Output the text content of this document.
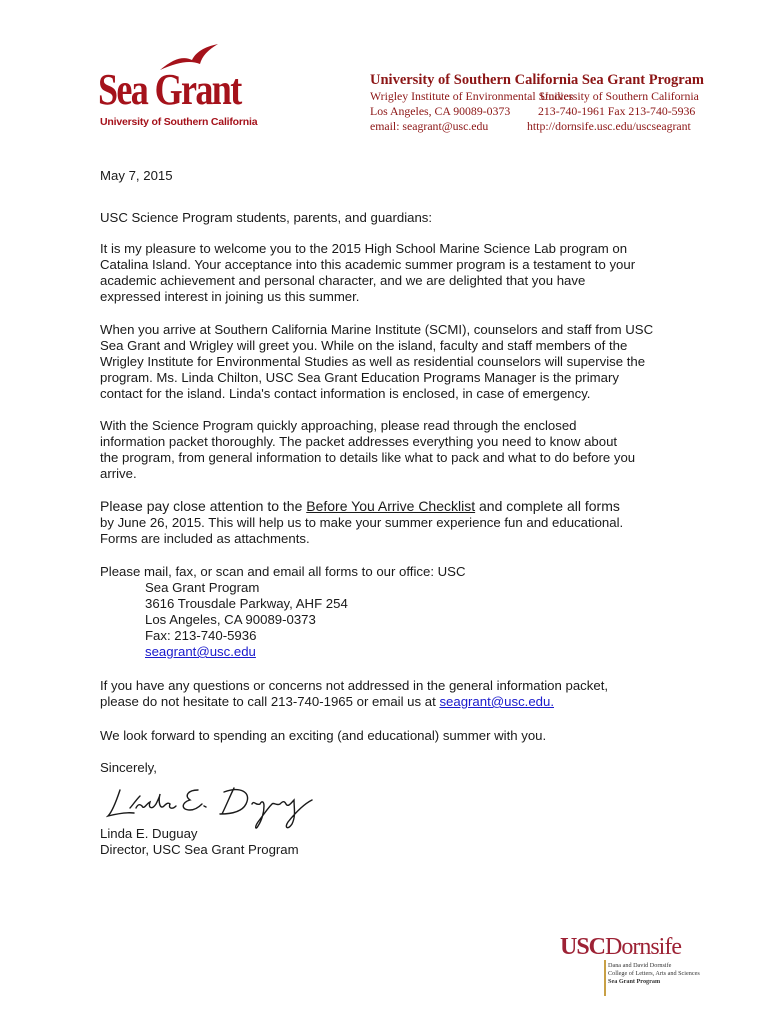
Sea Grant
University of Southern California
University of Southern California Sea Grant Program
Wrigley Institute of Environmental Studies
University of Southern California
Los Angeles, CA 90089-0373 213-740-1961 Fax 213-740-5936
email: seagrant@usc.edu	http://dornsife.usc.edu/uscseagrant
May 7, 2015
USC Science Program students, parents, and guardians:
It is my pleasure to welcome you to the 2015 High School Marine Science Lab program on
Catalina Island. Your acceptance into this academic summer program is a testament to your
academic achievement and personal character, and we are delighted that you have
expressed interest in joining us this summer.
When you arrive at Southern California Marine Institute (SCMI), counselors and staff from USC
Sea Grant and Wrigley will greet you. While on the island, faculty and staff members of the
Wrigley Institute for Environmental Studies as well as residential counselors will supervise the
program. Ms. Linda Chilton, USC Sea Grant Education Programs Manager is the primary
contact for the island. Linda's contact information is enclosed, in case of emergency.
With the Science Program quickly approaching, please read through the enclosed
information packet thoroughly. The packet addresses everything you need to know about
the program, from general information to details like what to pack and what to do before you
arrive.
Please pay close attention to the Before You Arrive Checklist and complete all forms
by June 26, 2015. This will help us to make your summer experience fun and educational.
Forms are included as attachments.
Please mail, fax, or scan and email all forms to our office: USC
Sea Grant Program
3616 Trousdale Parkway, AHF 254
Los Angeles, CA 90089-0373
Fax: 213-740-5936
seagrant@usc.edu
If you have any questions or concerns not addressed in the general information packet,
please do not hesitate to call 213-740-1965 or email us at seagrant@usc.edu.
We look forward to spending an exciting (and educational) summer with you.
Sincerely,
Linda E. Duguay
Director, USC Sea Grant Program
USCDornsife
Dana and David Dornsife
College of Letters, Arts and Sciences
Sea Grant Program
